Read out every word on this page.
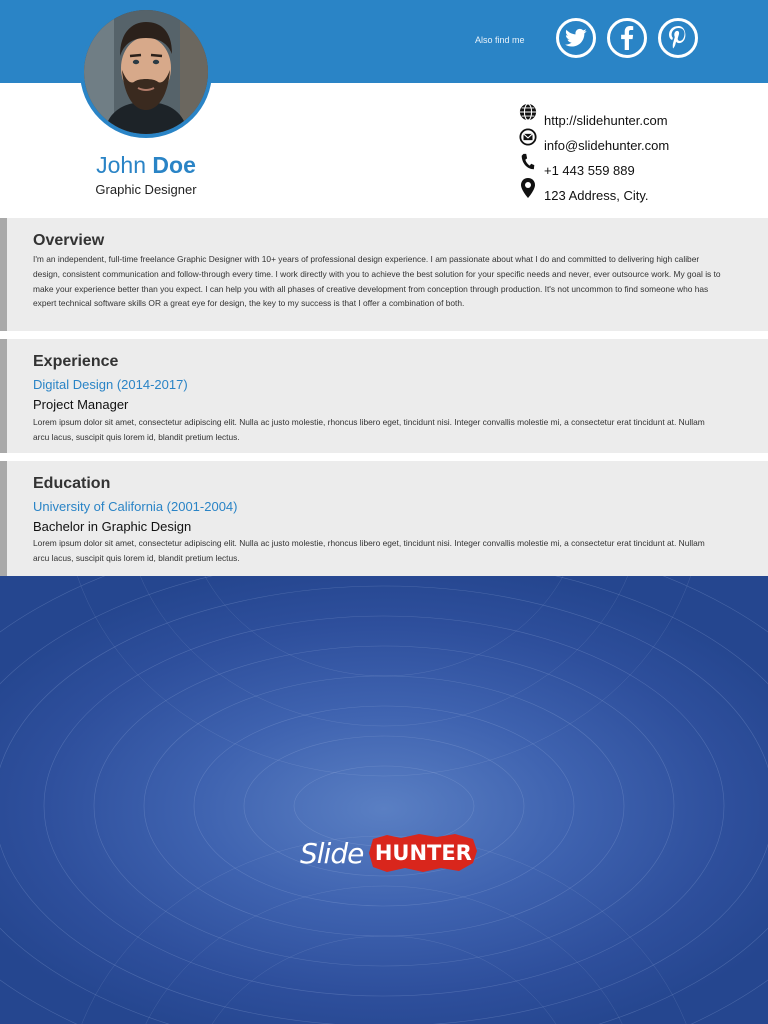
Also find me
John Doe
Graphic Designer
http://slidehunter.com
info@slidehunter.com
+1 443 559 889
123 Address, City.
Overview

I'm an independent, full-time freelance Graphic Designer with 10+ years of professional design experience. I am passionate about what I do and committed to delivering high caliber design, consistent communication and follow-through every time. I work directly with you to achieve the best solution for your specific needs and never, ever outsource work. My goal is to make your experience better than you expect. I can help you with all phases of creative development from conception through production. It's not uncommon to find someone who has expert technical software skills OR a great eye for design, the key to my success is that I offer a combination of both.

Experience
Digital Design (2014-2017)
Project Manager

Lorem ipsum dolor sit amet, consectetur adipiscing elit. Nulla ac justo molestie, rhoncus libero eget, tincidunt nisi. Integer convallis molestie mi, a consectetur erat tincidunt at. Nullam arcu lacus, suscipit quis lorem id, blandit pretium lectus.

Education
University of California (2001-2004)
Bachelor in Graphic Design

Lorem ipsum dolor sit amet, consectetur adipiscing elit. Nulla ac justo molestie, rhoncus libero eget, tincidunt nisi. Integer convallis molestie mi, a consectetur erat tincidunt at. Nullam arcu lacus, suscipit quis lorem id, blandit pretium lectus.

Slide HUNTER
